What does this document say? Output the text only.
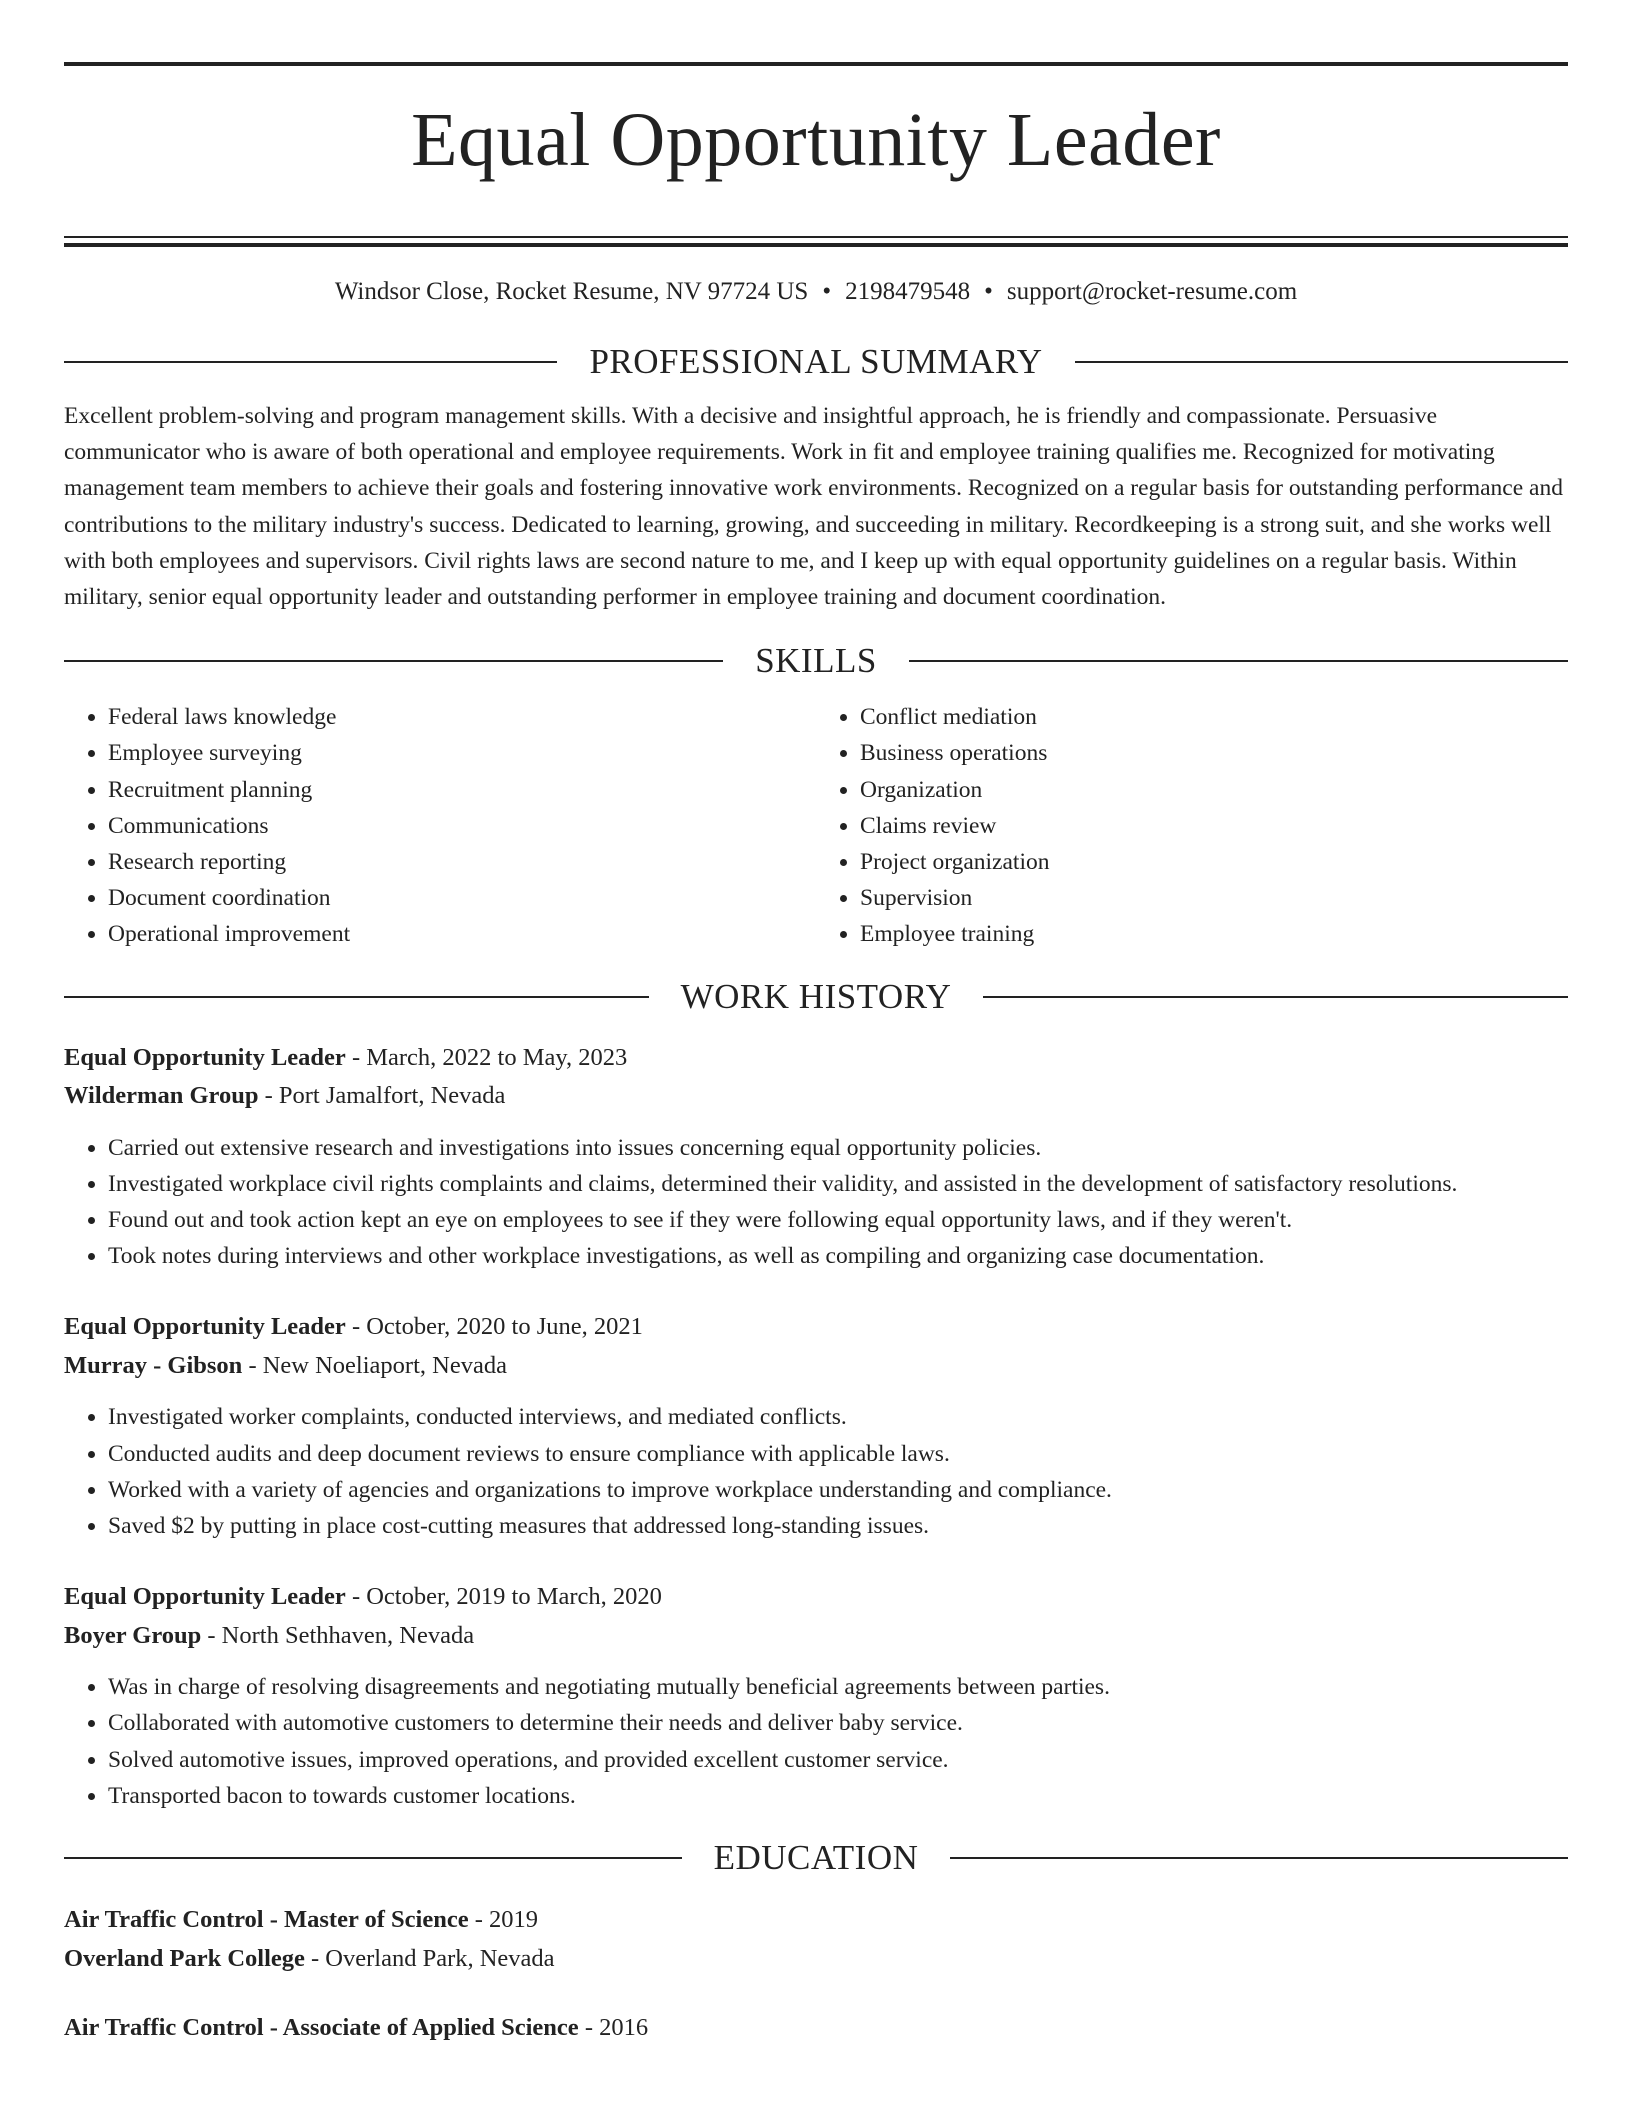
Equal Opportunity Leader
Windsor Close, Rocket Resume, NV 97724 US • 2198479548 • support@rocket-resume.com
PROFESSIONAL SUMMARY
Excellent problem-solving and program management skills. With a decisive and insightful approach, he is friendly and compassionate. Persuasive communicator who is aware of both operational and employee requirements. Work in fit and employee training qualifies me. Recognized for motivating management team members to achieve their goals and fostering innovative work environments. Recognized on a regular basis for outstanding performance and contributions to the military industry's success. Dedicated to learning, growing, and succeeding in military. Recordkeeping is a strong suit, and she works well with both employees and supervisors. Civil rights laws are second nature to me, and I keep up with equal opportunity guidelines on a regular basis. Within military, senior equal opportunity leader and outstanding performer in employee training and document coordination.
SKILLS
• Federal laws knowledge
• Employee surveying
• Recruitment planning
• Communications
• Research reporting
• Document coordination
• Operational improvement
• Conflict mediation
• Business operations
• Organization
• Claims review
• Project organization
• Supervision
• Employee training
WORK HISTORY
Equal Opportunity Leader - March, 2022 to May, 2023
Wilderman Group - Port Jamalfort, Nevada
• Carried out extensive research and investigations into issues concerning equal opportunity policies.
• Investigated workplace civil rights complaints and claims, determined their validity, and assisted in the development of satisfactory resolutions.
• Found out and took action kept an eye on employees to see if they were following equal opportunity laws, and if they weren't.
• Took notes during interviews and other workplace investigations, as well as compiling and organizing case documentation.
Equal Opportunity Leader - October, 2020 to June, 2021
Murray - Gibson - New Noeliaport, Nevada
• Investigated worker complaints, conducted interviews, and mediated conflicts.
• Conducted audits and deep document reviews to ensure compliance with applicable laws.
• Worked with a variety of agencies and organizations to improve workplace understanding and compliance.
• Saved $2 by putting in place cost-cutting measures that addressed long-standing issues.
Equal Opportunity Leader - October, 2019 to March, 2020
Boyer Group - North Sethhaven, Nevada
• Was in charge of resolving disagreements and negotiating mutually beneficial agreements between parties.
• Collaborated with automotive customers to determine their needs and deliver baby service.
• Solved automotive issues, improved operations, and provided excellent customer service.
• Transported bacon to towards customer locations.
EDUCATION
Air Traffic Control - Master of Science - 2019
Overland Park College - Overland Park, Nevada
Air Traffic Control - Associate of Applied Science - 2016
